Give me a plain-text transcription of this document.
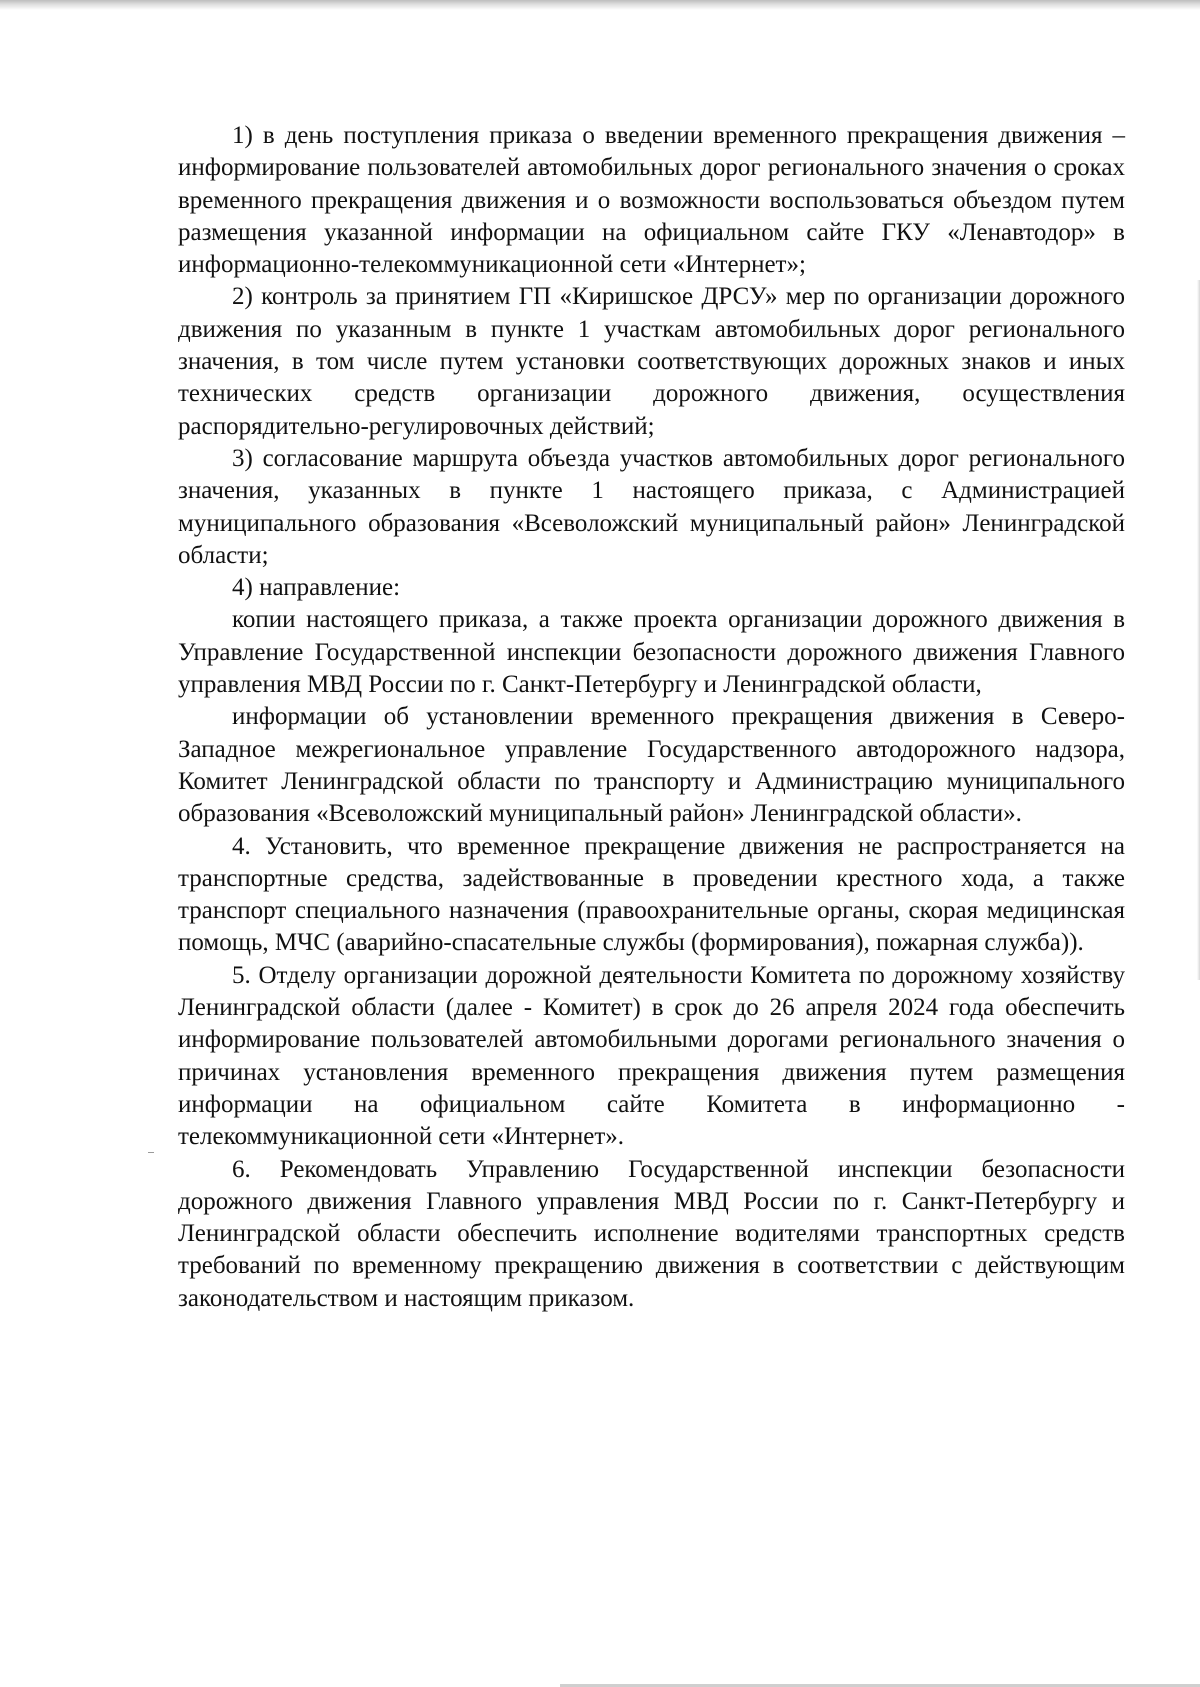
1) в день поступления приказа о введении временного прекращения движения – информирование пользователей автомобильных дорог регионального значения о сроках временного прекращения движения и о возможности воспользоваться объездом путем размещения указанной информации на официальном сайте ГКУ «Ленавтодор» в информационно-телекоммуникационной сети «Интернет»;

2) контроль за принятием ГП «Киришское ДРСУ» мер по организации дорожного движения по указанным в пункте 1 участкам автомобильных дорог регионального значения, в том числе путем установки соответствующих дорожных знаков и иных технических средств организации дорожного движения, осуществления распорядительно-регулировочных действий;

3) согласование маршрута объезда участков автомобильных дорог регионального значения, указанных в пункте 1 настоящего приказа, с Администрацией муниципального образования «Всеволожский муниципальный район» Ленинградской области;

4) направление:

копии настоящего приказа, а также проекта организации дорожного движения в Управление Государственной инспекции безопасности дорожного движения Главного управления МВД России по г. Санкт-Петербургу и Ленинградской области,

информации об установлении временного прекращения движения в Северо-Западное межрегиональное управление Государственного автодорожного надзора, Комитет Ленинградской области по транспорту и Администрацию муниципального образования «Всеволожский муниципальный район» Ленинградской области».

4. Установить, что временное прекращение движения не распространяется на транспортные средства, задействованные в проведении крестного хода, а также транспорт специального назначения (правоохранительные органы, скорая медицинская помощь, МЧС (аварийно-спасательные службы (формирования), пожарная служба)).

5. Отделу организации дорожной деятельности Комитета по дорожному хозяйству Ленинградской области (далее - Комитет) в срок до 26 апреля 2024 года обеспечить информирование пользователей автомобильными дорогами регионального значения о причинах установления временного прекращения движения путем размещения информации на официальном сайте Комитета в информационно - телекоммуникационной сети «Интернет».

6. Рекомендовать Управлению Государственной инспекции безопасности дорожного движения Главного управления МВД России по г. Санкт-Петербургу и Ленинградской области обеспечить исполнение водителями транспортных средств требований по временному прекращению движения в соответствии с действующим законодательством и настоящим приказом.
